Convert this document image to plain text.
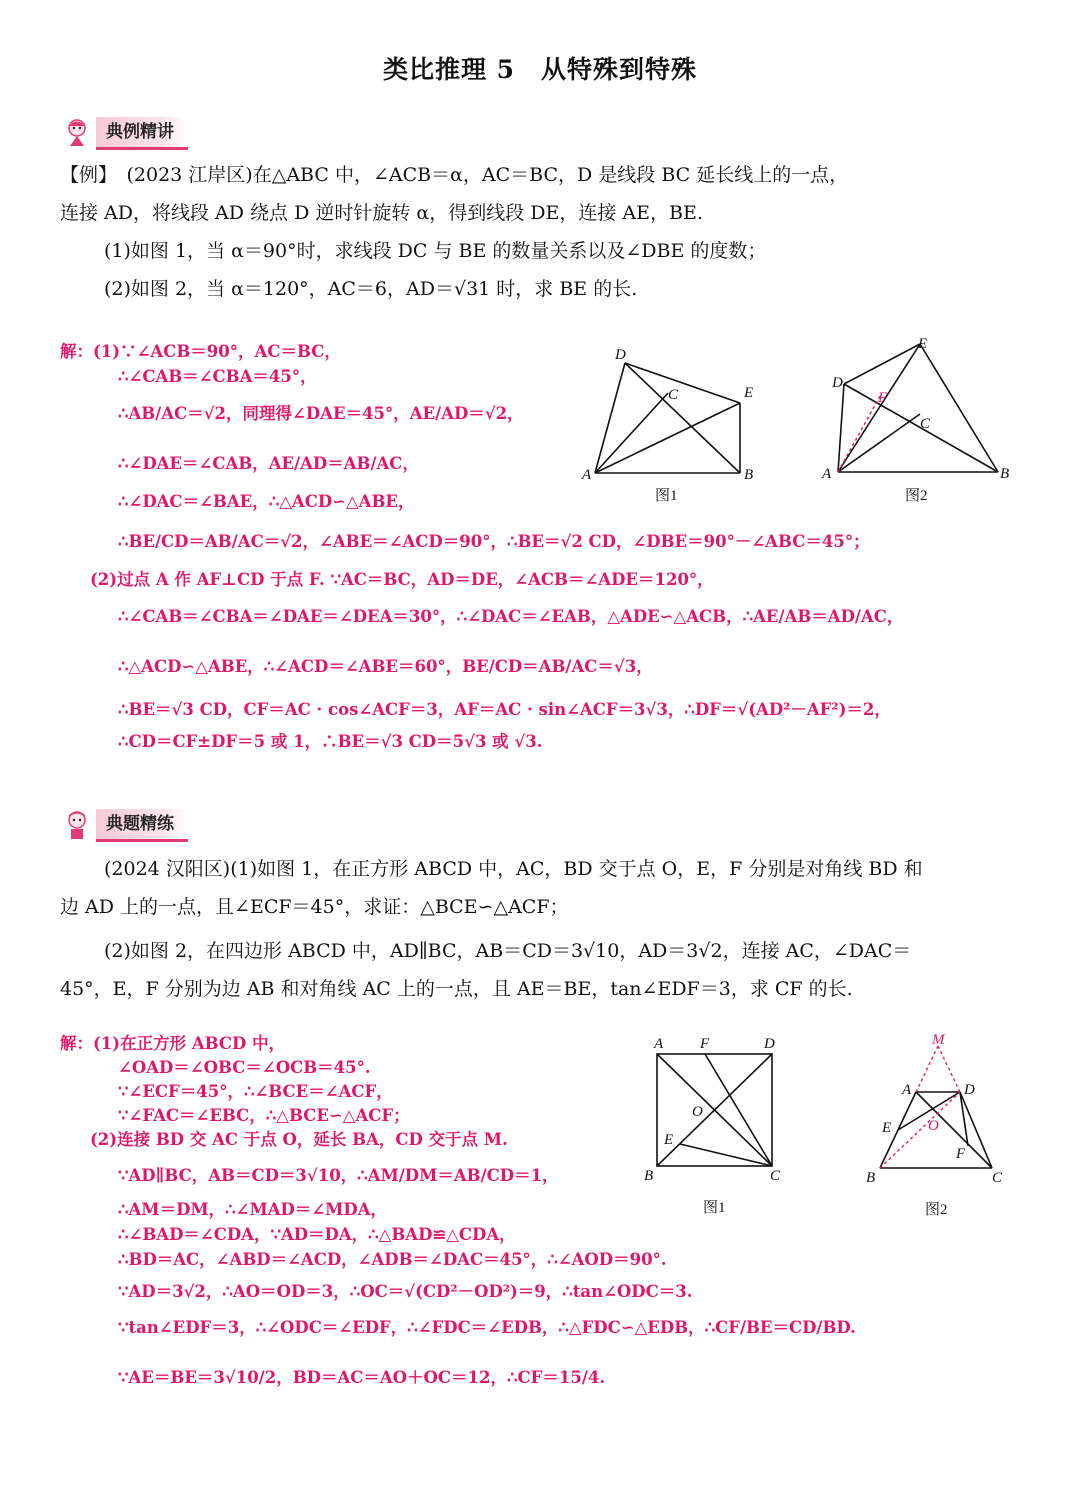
类比推理 5　从特殊到特殊
典例精讲

【例】　(2023 江岸区)在△ABC 中，∠ACB＝α，AC＝BC，D 是线段 BC 延长线上的一点，

连接 AD，将线段 AD 绕点 D 逆时针旋转 α，得到线段 DE，连接 AE，BE.

(1)如图 1，当 α＝90°时，求线段 DC 与 BE 的数量关系以及∠DBE 的度数；

(2)如图 2，当 α＝120°，AC＝6，AD＝√31 时，求 BE 的长.

解：(1)∵∠ACB＝90°，AC＝BC，
∴∠CAB＝∠CBA＝45°，
∴AB/AC＝√2，同理得∠DAE＝45°，AE/AD＝√2，
∴∠DAE＝∠CAB，AE/AD＝AB/AC，
∴∠DAC＝∠BAE，∴△ACD∽△ABE，
∴BE/CD＝AB/AC＝√2，∠ABE＝∠ACD＝90°，∴BE＝√2 CD，∠DBE＝90°－∠ABC＝45°；
(2)过点 A 作 AF⊥CD 于点 F. ∵AC＝BC，AD＝DE，∠ACB＝∠ADE＝120°，
∴∠CAB＝∠CBA＝∠DAE＝∠DEA＝30°，∴∠DAC＝∠EAB，△ADE∽△ACB，∴AE/AB＝AD/AC，
∴△ACD∽△ABE，∴∠ACD＝∠ABE＝60°，BE/CD＝AB/AC＝√3，
∴BE＝√3 CD，CF＝AC · cos∠ACF＝3，AF＝AC · sin∠ACF＝3√3，∴DF＝√(AD²－AF²)＝2，
∴CD＝CF±DF＝5 或 1，∴BE＝√3 CD＝5√3 或 √3.
D
C	E
A	B
图1
E
D
F
C
A	B
图2
典题精练

(2024 汉阳区)(1)如图 1，在正方形 ABCD 中，AC，BD 交于点 O，E，F 分别是对角线 BD 和

边 AD 上的一点，且∠ECF＝45°，求证：△BCE∽△ACF；

(2)如图 2，在四边形 ABCD 中，AD∥BC，AB＝CD＝3√10，AD＝3√2，连接 AC，∠DAC＝

45°，E，F 分别为边 AB 和对角线 AC 上的一点，且 AE＝BE，tan∠EDF＝3，求 CF 的长.

解：(1)在正方形 ABCD 中，
∠OAD＝∠OBC＝∠OCB＝45°.
∵∠ECF＝45°，∴∠BCE＝∠ACF，
∵∠FAC＝∠EBC，∴△BCE∽△ACF；
(2)连接 BD 交 AC 于点 O，延长 BA，CD 交于点 M.
∵AD∥BC，AB＝CD＝3√10，∴AM/DM＝AB/CD＝1，
∴AM＝DM，∴∠MAD＝∠MDA，
∴∠BAD＝∠CDA，∵AD＝DA，∴△BAD≌△CDA，
∴BD＝AC，∠ABD＝∠ACD，∠ADB＝∠DAC＝45°，∴∠AOD＝90°.
∵AD＝3√2，∴AO＝OD＝3，∴OC＝√(CD²－OD²)＝9，∴tan∠ODC＝3.
∵tan∠EDF＝3，∴∠ODC＝∠EDF，∴∠FDC＝∠EDB，∴△FDC∽△EDB，∴CF/BE＝CD/BD.
∵AE＝BE＝3√10/2，BD＝AC＝AO＋OC＝12，∴CF＝15/4.
A F	D
O
E
B	C
图1
M
A	D
E O
F
B	C
图2
